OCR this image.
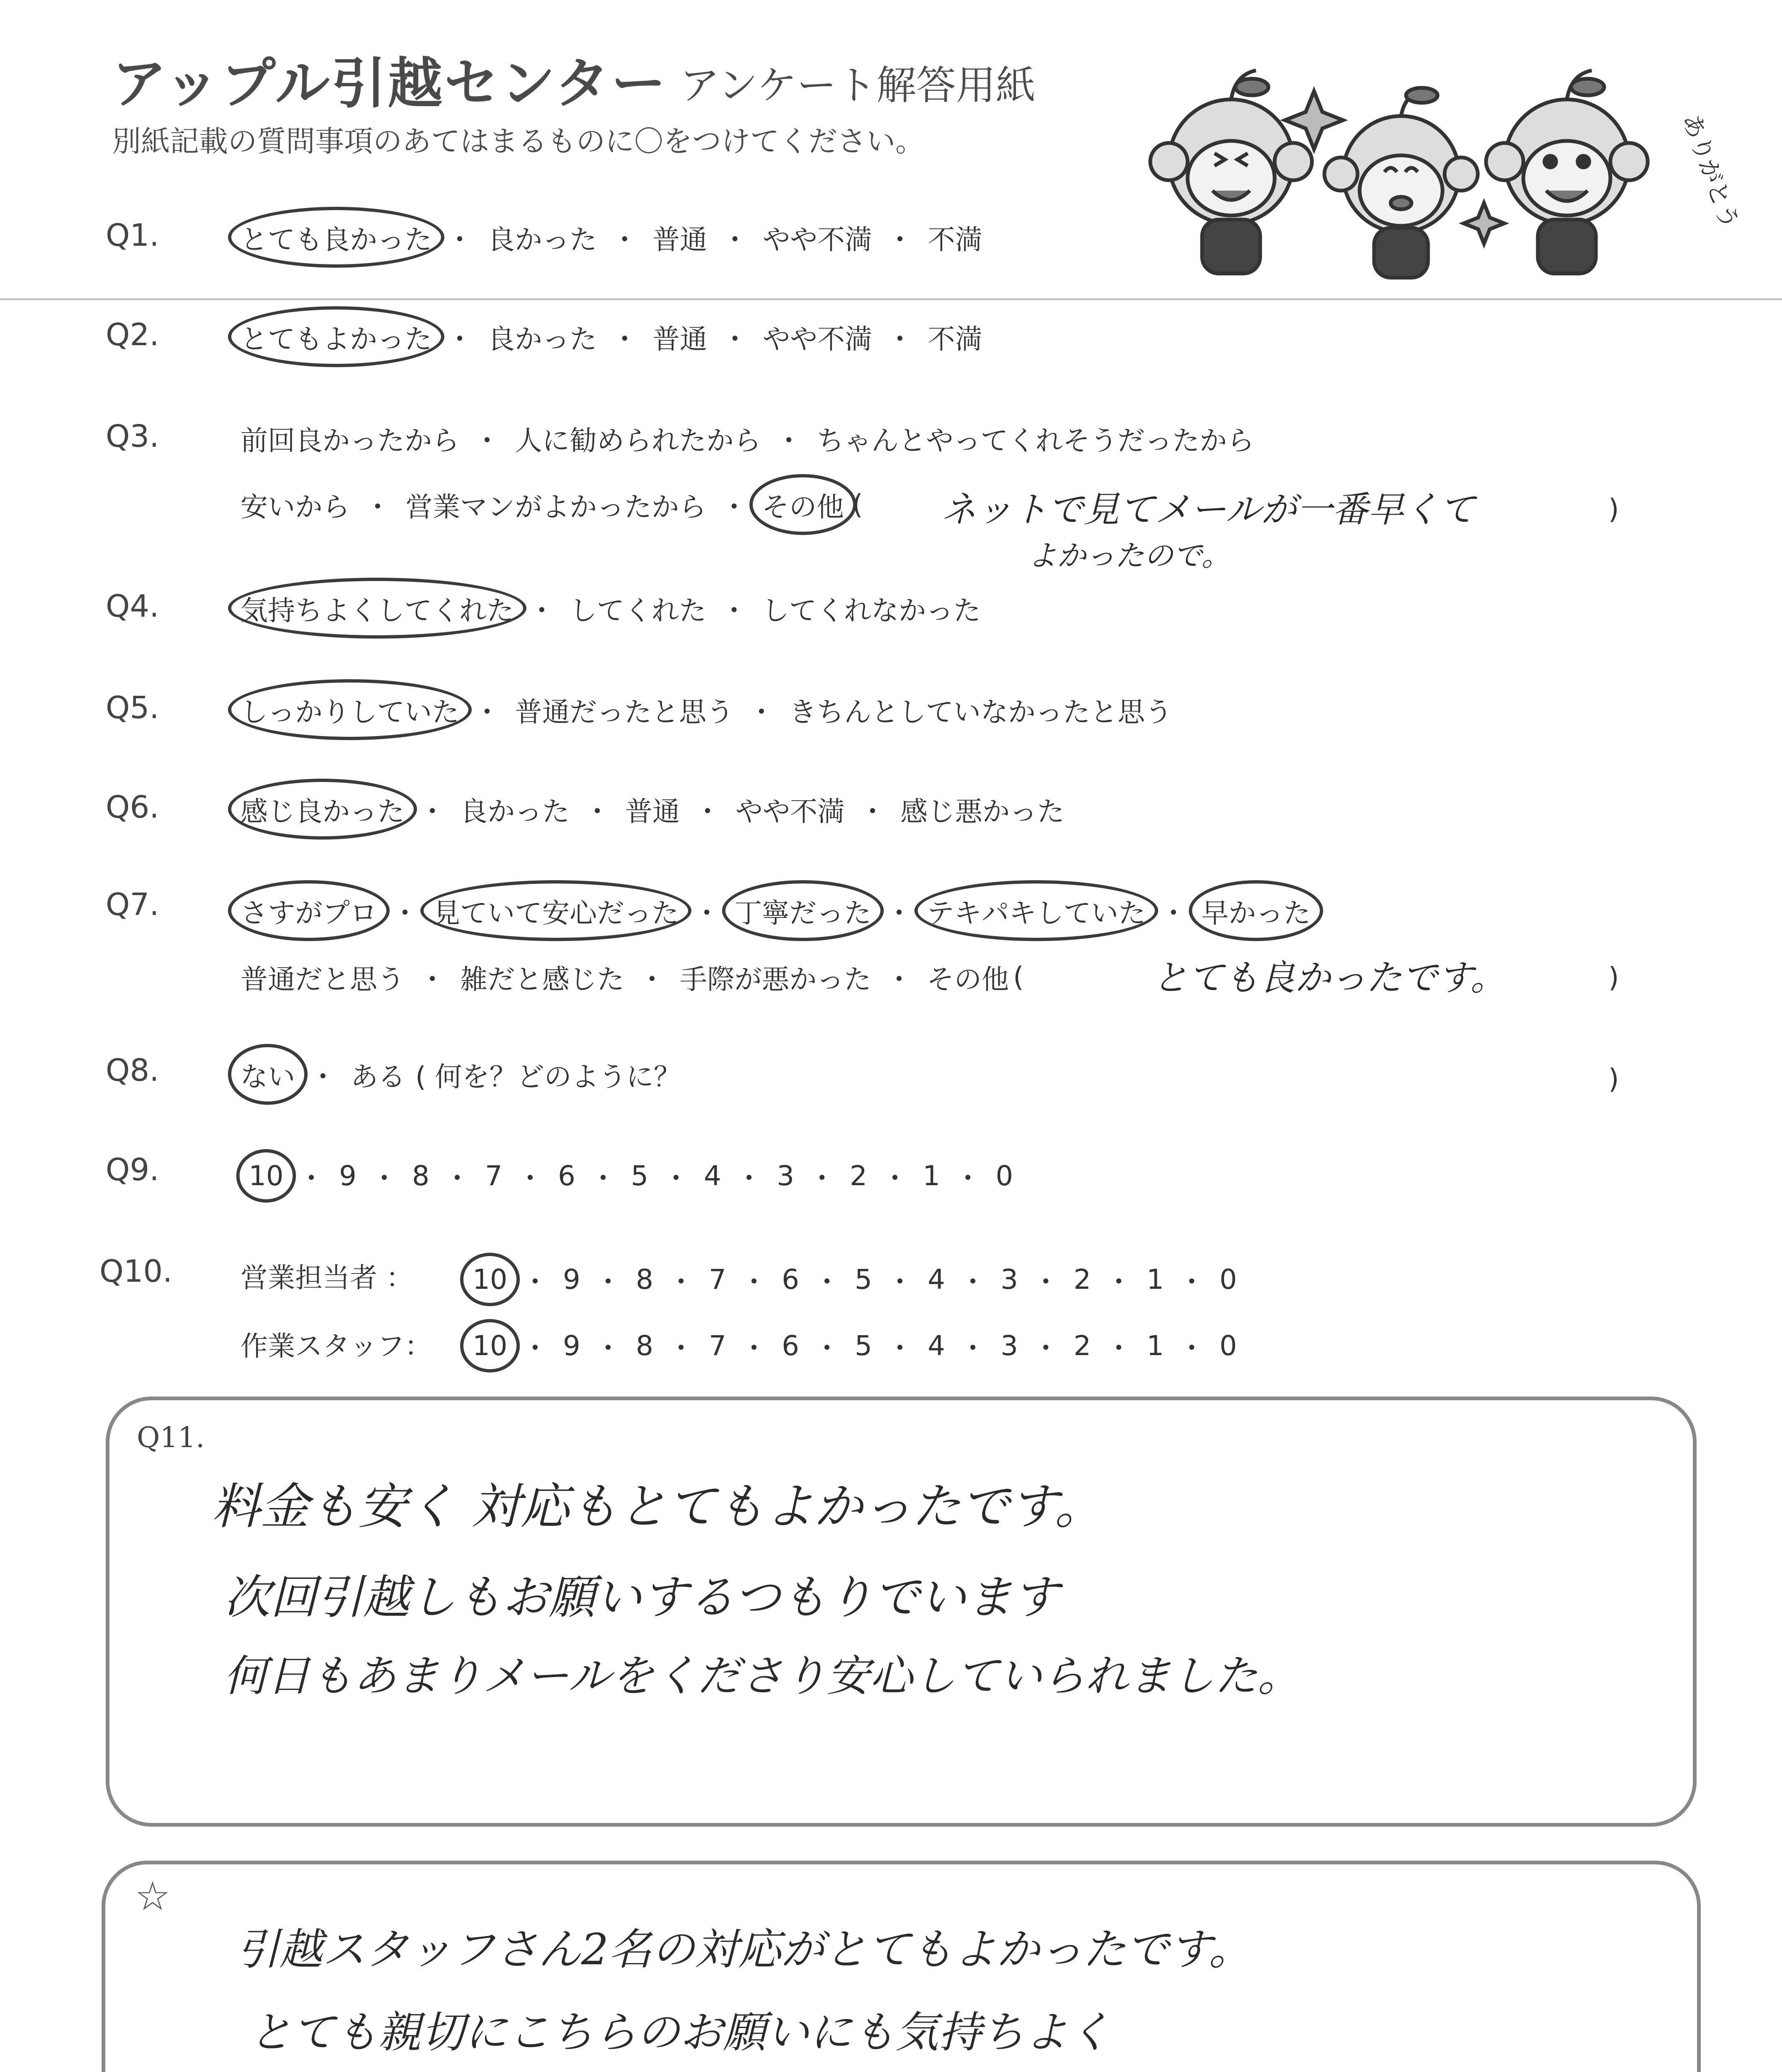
アップル引越センター アンケート解答用紙
別紙記載の質問事項のあてはまるものに〇をつけてください。	ありがとう
Q1.	とても良かった ・ 良かった ・ 普通 ・ やや不満 ・ 不満
Q2.	とてもよかった ・ 良かった ・ 普通 ・ やや不満 ・ 不満
Q3.	前回良かったから ・ 人に勧められたから ・ ちゃんとやってくれそうだったから
安いから ・ 営業マンがよかったから ・ その他 ( ネットで見てメールが一番早くて
よかったので。
)
Q4.	気持ちよくしてくれた ・ してくれた ・ してくれなかった
Q5.	しっかりしていた ・ 普通だったと思う ・ きちんとしていなかったと思う
Q6.	感じ良かった ・ 良かった ・ 普通 ・ やや不満 ・ 感じ悪かった
Q7.	さすがプロ ・ 見ていて安心だった ・ 丁寧だった ・ テキパキしていた ・ 早かった
普通だと思う ・ 雑だと感じた ・ 手際が悪かった ・ その他 (	とても良かったです。	)
Q8.	ない ・ ある ( 何を？どのように？	)
Q9.	10 ・ 9 ・ 8 ・ 7 ・ 6 ・ 5 ・ 4 ・ 3 ・ 2 ・ 1 ・ 0
Q10. 営業担当者 ： 10 ・ 9 ・ 8 ・ 7 ・ 6 ・ 5 ・ 4 ・ 3 ・ 2 ・ 1 ・ 0
作業スタッフ： 10 ・ 9 ・ 8 ・ 7 ・ 6 ・ 5 ・ 4 ・ 3 ・ 2 ・ 1 ・ 0
Q11.
料金も安く 対応もとてもよかったです。
次回引越しもお願いするつもりでいます
何日もあまりメールをくださり安心していられました。
☆
引越スタッフさん2名の対応がとてもよかったです。
とても親切にこちらのお願いにも気持ちよく
